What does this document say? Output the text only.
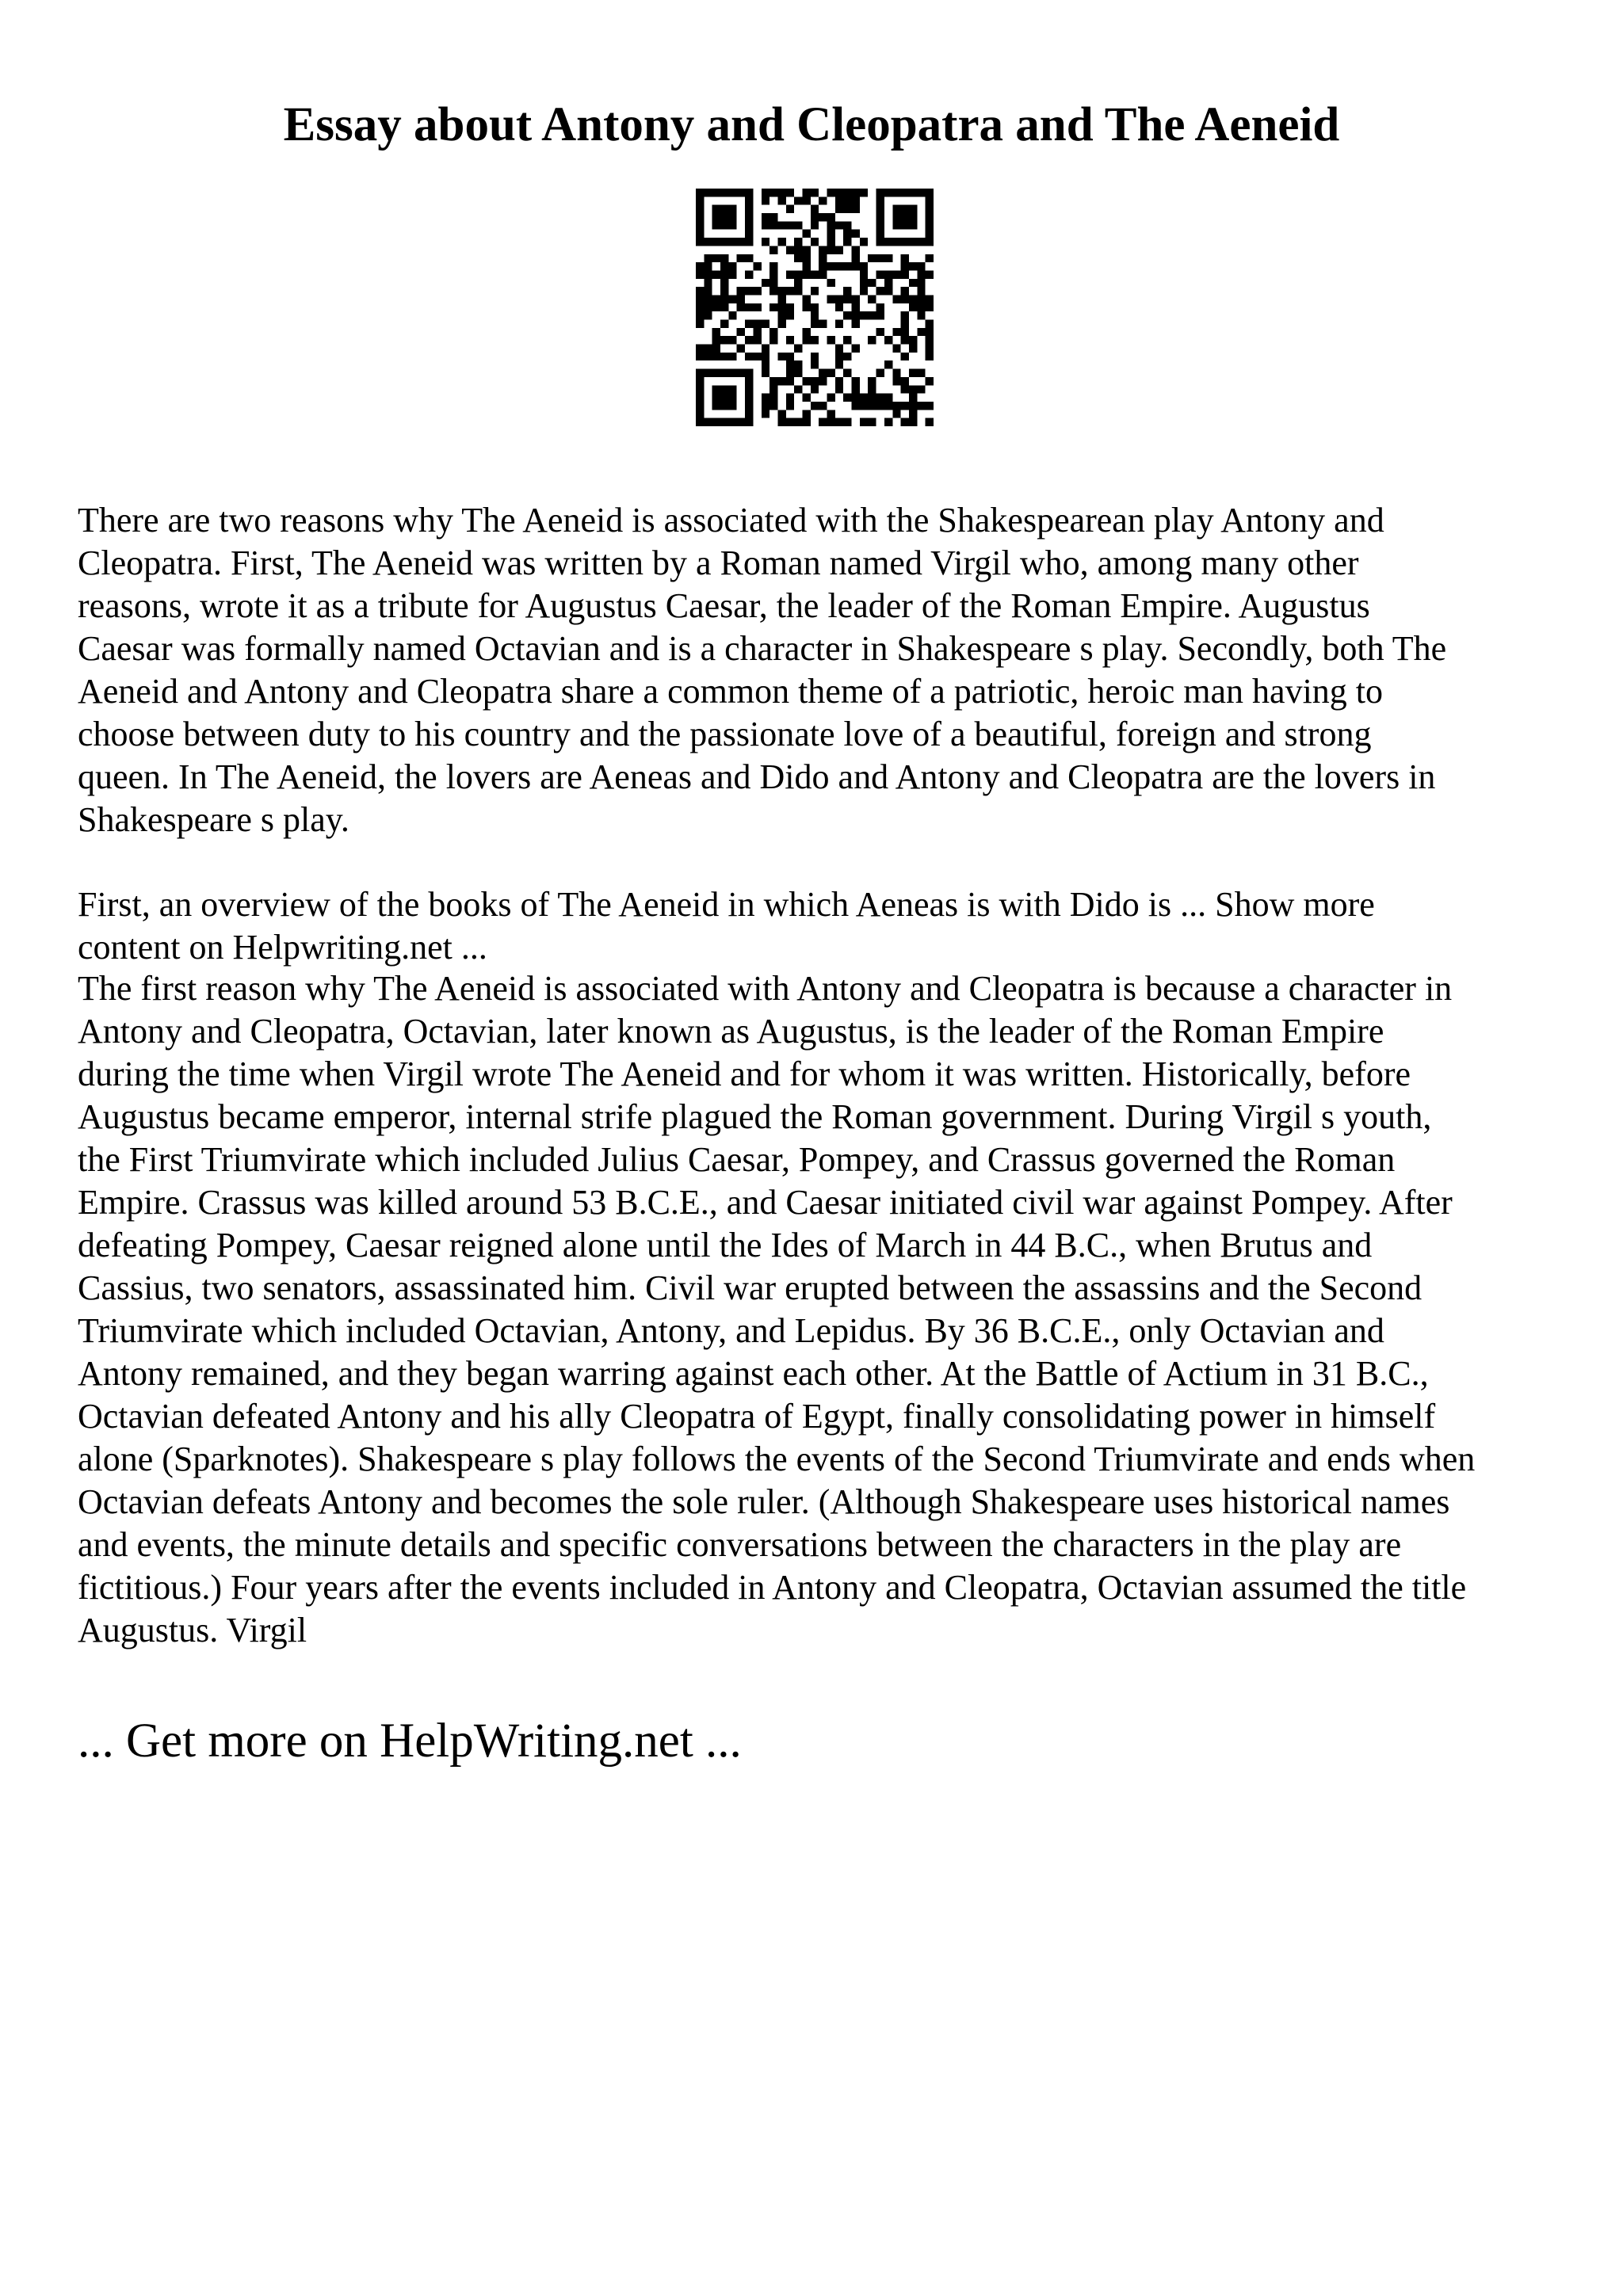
Essay about Antony and Cleopatra and The Aeneid

There are two reasons why The Aeneid is associated with the Shakespearean play Antony and
Cleopatra. First, The Aeneid was written by a Roman named Virgil who, among many other
reasons, wrote it as a tribute for Augustus Caesar, the leader of the Roman Empire. Augustus
Caesar was formally named Octavian and is a character in Shakespeare s play. Secondly, both The
Aeneid and Antony and Cleopatra share a common theme of a patriotic, heroic man having to
choose between duty to his country and the passionate love of a beautiful, foreign and strong
queen. In The Aeneid, the lovers are Aeneas and Dido and Antony and Cleopatra are the lovers in
Shakespeare s play.

First, an overview of the books of The Aeneid in which Aeneas is with Dido is ... Show more
content on Helpwriting.net ...

The first reason why The Aeneid is associated with Antony and Cleopatra is because a character in
Antony and Cleopatra, Octavian, later known as Augustus, is the leader of the Roman Empire
during the time when Virgil wrote The Aeneid and for whom it was written. Historically, before
Augustus became emperor, internal strife plagued the Roman government. During Virgil s youth,
the First Triumvirate which included Julius Caesar, Pompey, and Crassus governed the Roman
Empire. Crassus was killed around 53 B.C.E., and Caesar initiated civil war against Pompey. After
defeating Pompey, Caesar reigned alone until the Ides of March in 44 B.C., when Brutus and
Cassius, two senators, assassinated him. Civil war erupted between the assassins and the Second
Triumvirate which included Octavian, Antony, and Lepidus. By 36 B.C.E., only Octavian and
Antony remained, and they began warring against each other. At the Battle of Actium in 31 B.C.,
Octavian defeated Antony and his ally Cleopatra of Egypt, finally consolidating power in himself
alone (Sparknotes). Shakespeare s play follows the events of the Second Triumvirate and ends when
Octavian defeats Antony and becomes the sole ruler. (Although Shakespeare uses historical names
and events, the minute details and specific conversations between the characters in the play are
fictitious.) Four years after the events included in Antony and Cleopatra, Octavian assumed the title
Augustus. Virgil

... Get more on HelpWriting.net ...
